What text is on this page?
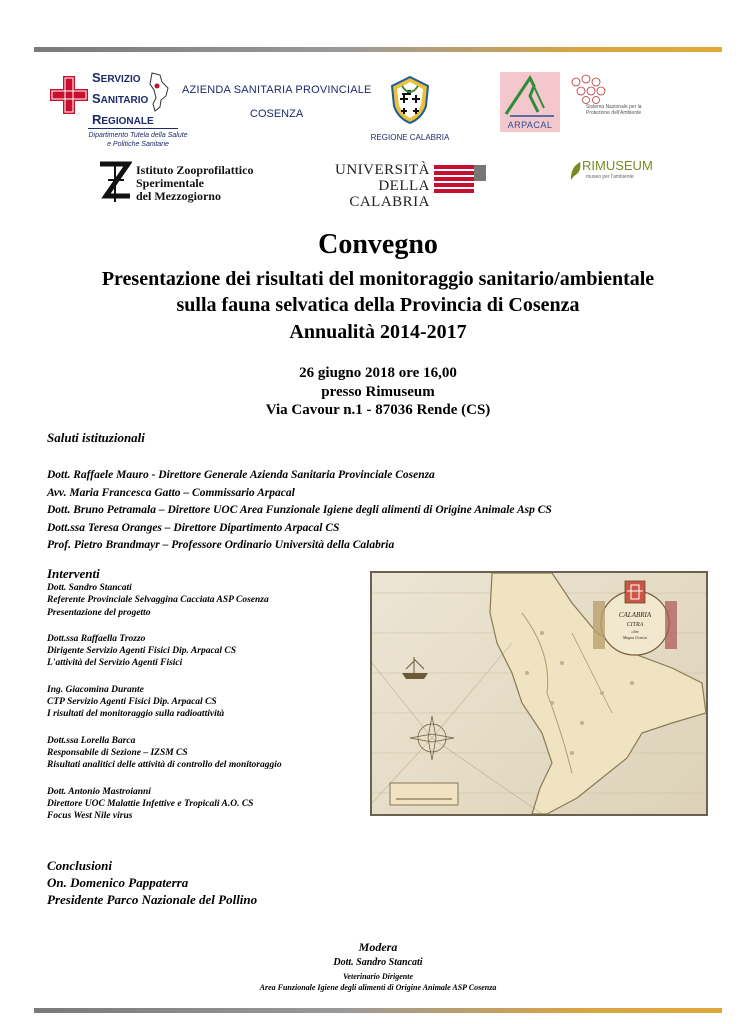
SERVIZIO
SANITARIO
REGIONALE
Dipartimento Tutela della Salute e Politiche Sanitarie
AZIENDA SANITARIA PROVINCIALE
COSENZA
REGIONE CALABRIA
ARPACAL
Sistema Nazionale per la Protezione dell'Ambiente
Istituto Zooprofilattico
Sperimentale
del Mezzogiorno
UNIVERSITÀ
DELLA CALABRIA
RIMUSEUM
museo per l'ambiente
Convegno
Presentazione dei risultati del monitoraggio sanitario/ambientale
sulla fauna selvatica della Provincia di Cosenza
Annualità 2014-2017
26 giugno 2018 ore 16,00
presso Rimuseum
Via Cavour n.1 - 87036 Rende (CS)
Saluti istituzionali
Dott. Raffaele Mauro - Direttore Generale Azienda Sanitaria Provinciale Cosenza
Avv. Maria Francesca Gatto – Commissario Arpacal
Dott. Bruno Petramala – Direttore UOC Area Funzionale Igiene degli alimenti di Origine Animale Asp CS
Dott.ssa Teresa Oranges – Direttore Dipartimento Arpacal CS
Prof. Pietro Brandmayr – Professore Ordinario Università della Calabria
Interventi
Dott. Sandro Stancati
Referente Provinciale Selvaggina Cacciata ASP Cosenza
Presentazione del progetto
Dott.ssa Raffaella Trozzo
Dirigente Servizio Agenti Fisici Dip. Arpacal CS
L'attività del Servizio Agenti Fisici
Ing. Giacomina Durante
CTP Servizio Agenti Fisici Dip. Arpacal CS
I risultati del monitoraggio sulla radioattività
Dott.ssa Lorella Barca
Responsabile di Sezione – IZSM CS
Risultati analitici delle attività di controllo del monitoraggio
Dott. Antonio Mastroianni
Direttore UOC Malattie Infettive e Tropicali A.O. CS
Focus West Nile virus
CALABRIA
CITRA
olim
Magna Græcia
Conclusioni
On. Domenico Pappaterra
Presidente Parco Nazionale del Pollino
Modera
Dott. Sandro Stancati
Veterinario Dirigente
Area Funzionale Igiene degli alimenti di Origine Animale ASP Cosenza
